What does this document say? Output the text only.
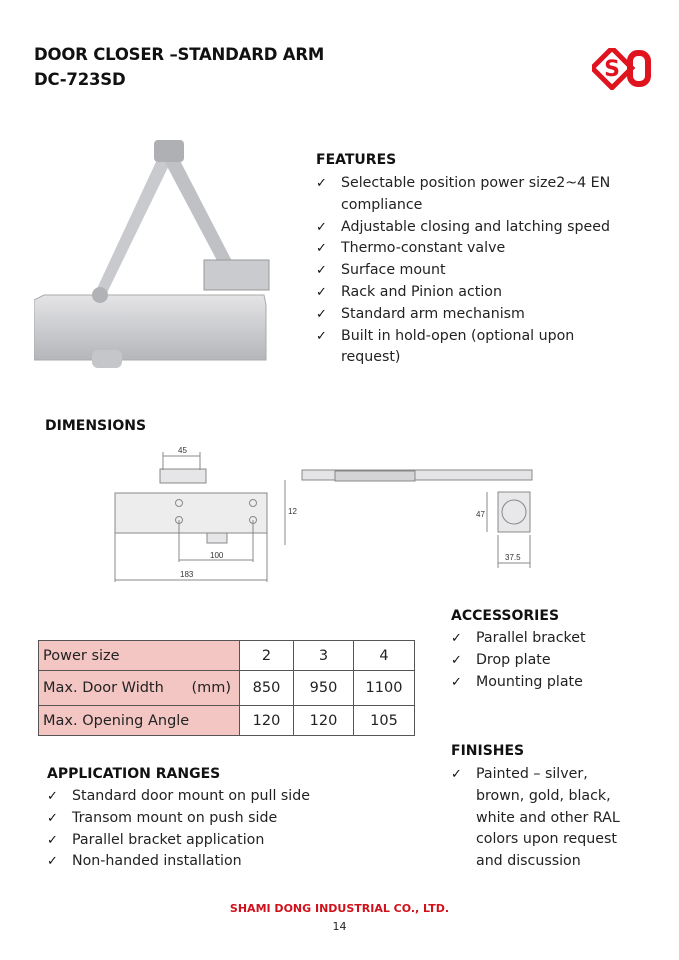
DOOR CLOSER –STANDARD ARM
DC-723SD	S
FEATURES
✓ Selectable position power size2~4 EN compliance
✓ Adjustable closing and latching speed
✓ Thermo-constant valve
✓ Surface mount
✓ Rack and Pinion action
✓ Standard arm mechanism
✓ Built in hold-open (optional upon request)
DIMENSIONS
45
100
183
12	47
37.5
ACCESSORIES
✓ Parallel bracket
✓ Drop plate
✓ Mounting plate
Power size	2	3	4
Max. Door Width      (mm)	850	950	1100
Max. Opening Angle	120	120	105
FINISHES
✓ Painted – silver, brown, gold, black, white and other RAL colors upon request and discussion
APPLICATION RANGES
✓ Standard door mount on pull side
✓ Transom mount on push side
✓ Parallel bracket application
✓ Non-handed installation
SHAMI DONG INDUSTRIAL CO., LTD.
14
